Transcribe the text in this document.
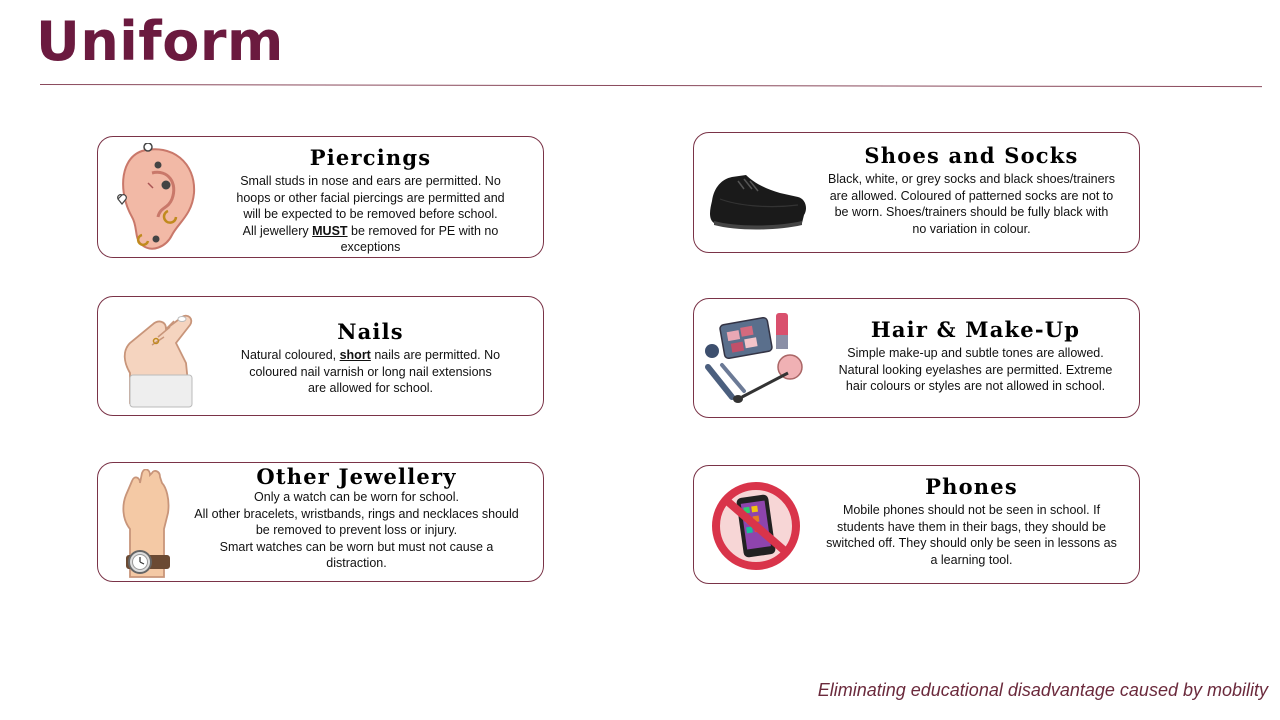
Uniform
Piercings

Small studs in nose and ears are permitted. No
hoops or other facial piercings are permitted and
will be expected to be removed before school.
All jewellery MUST be removed for PE with no
exceptions

Nails

Natural coloured, short nails are permitted. No
coloured nail varnish or long nail extensions
are allowed for school.

Other Jewellery

Only a watch can be worn for school.
All other bracelets, wristbands, rings and necklaces should
be removed to prevent loss or injury.
Smart watches can be worn but must not cause a
distraction.

Shoes and Socks

Black, white, or grey socks and black shoes/trainers
are allowed. Coloured of patterned socks are not to
be worn. Shoes/trainers should be fully black with
no variation in colour.

Hair & Make-Up

Simple make-up and subtle tones are allowed.
Natural looking eyelashes are permitted. Extreme
hair colours or styles are not allowed in school.

Phones

Mobile phones should not be seen in school. If
students have them in their bags, they should be
switched off. They should only be seen in lessons as
a learning tool.

Eliminating educational disadvantage caused by mobility
